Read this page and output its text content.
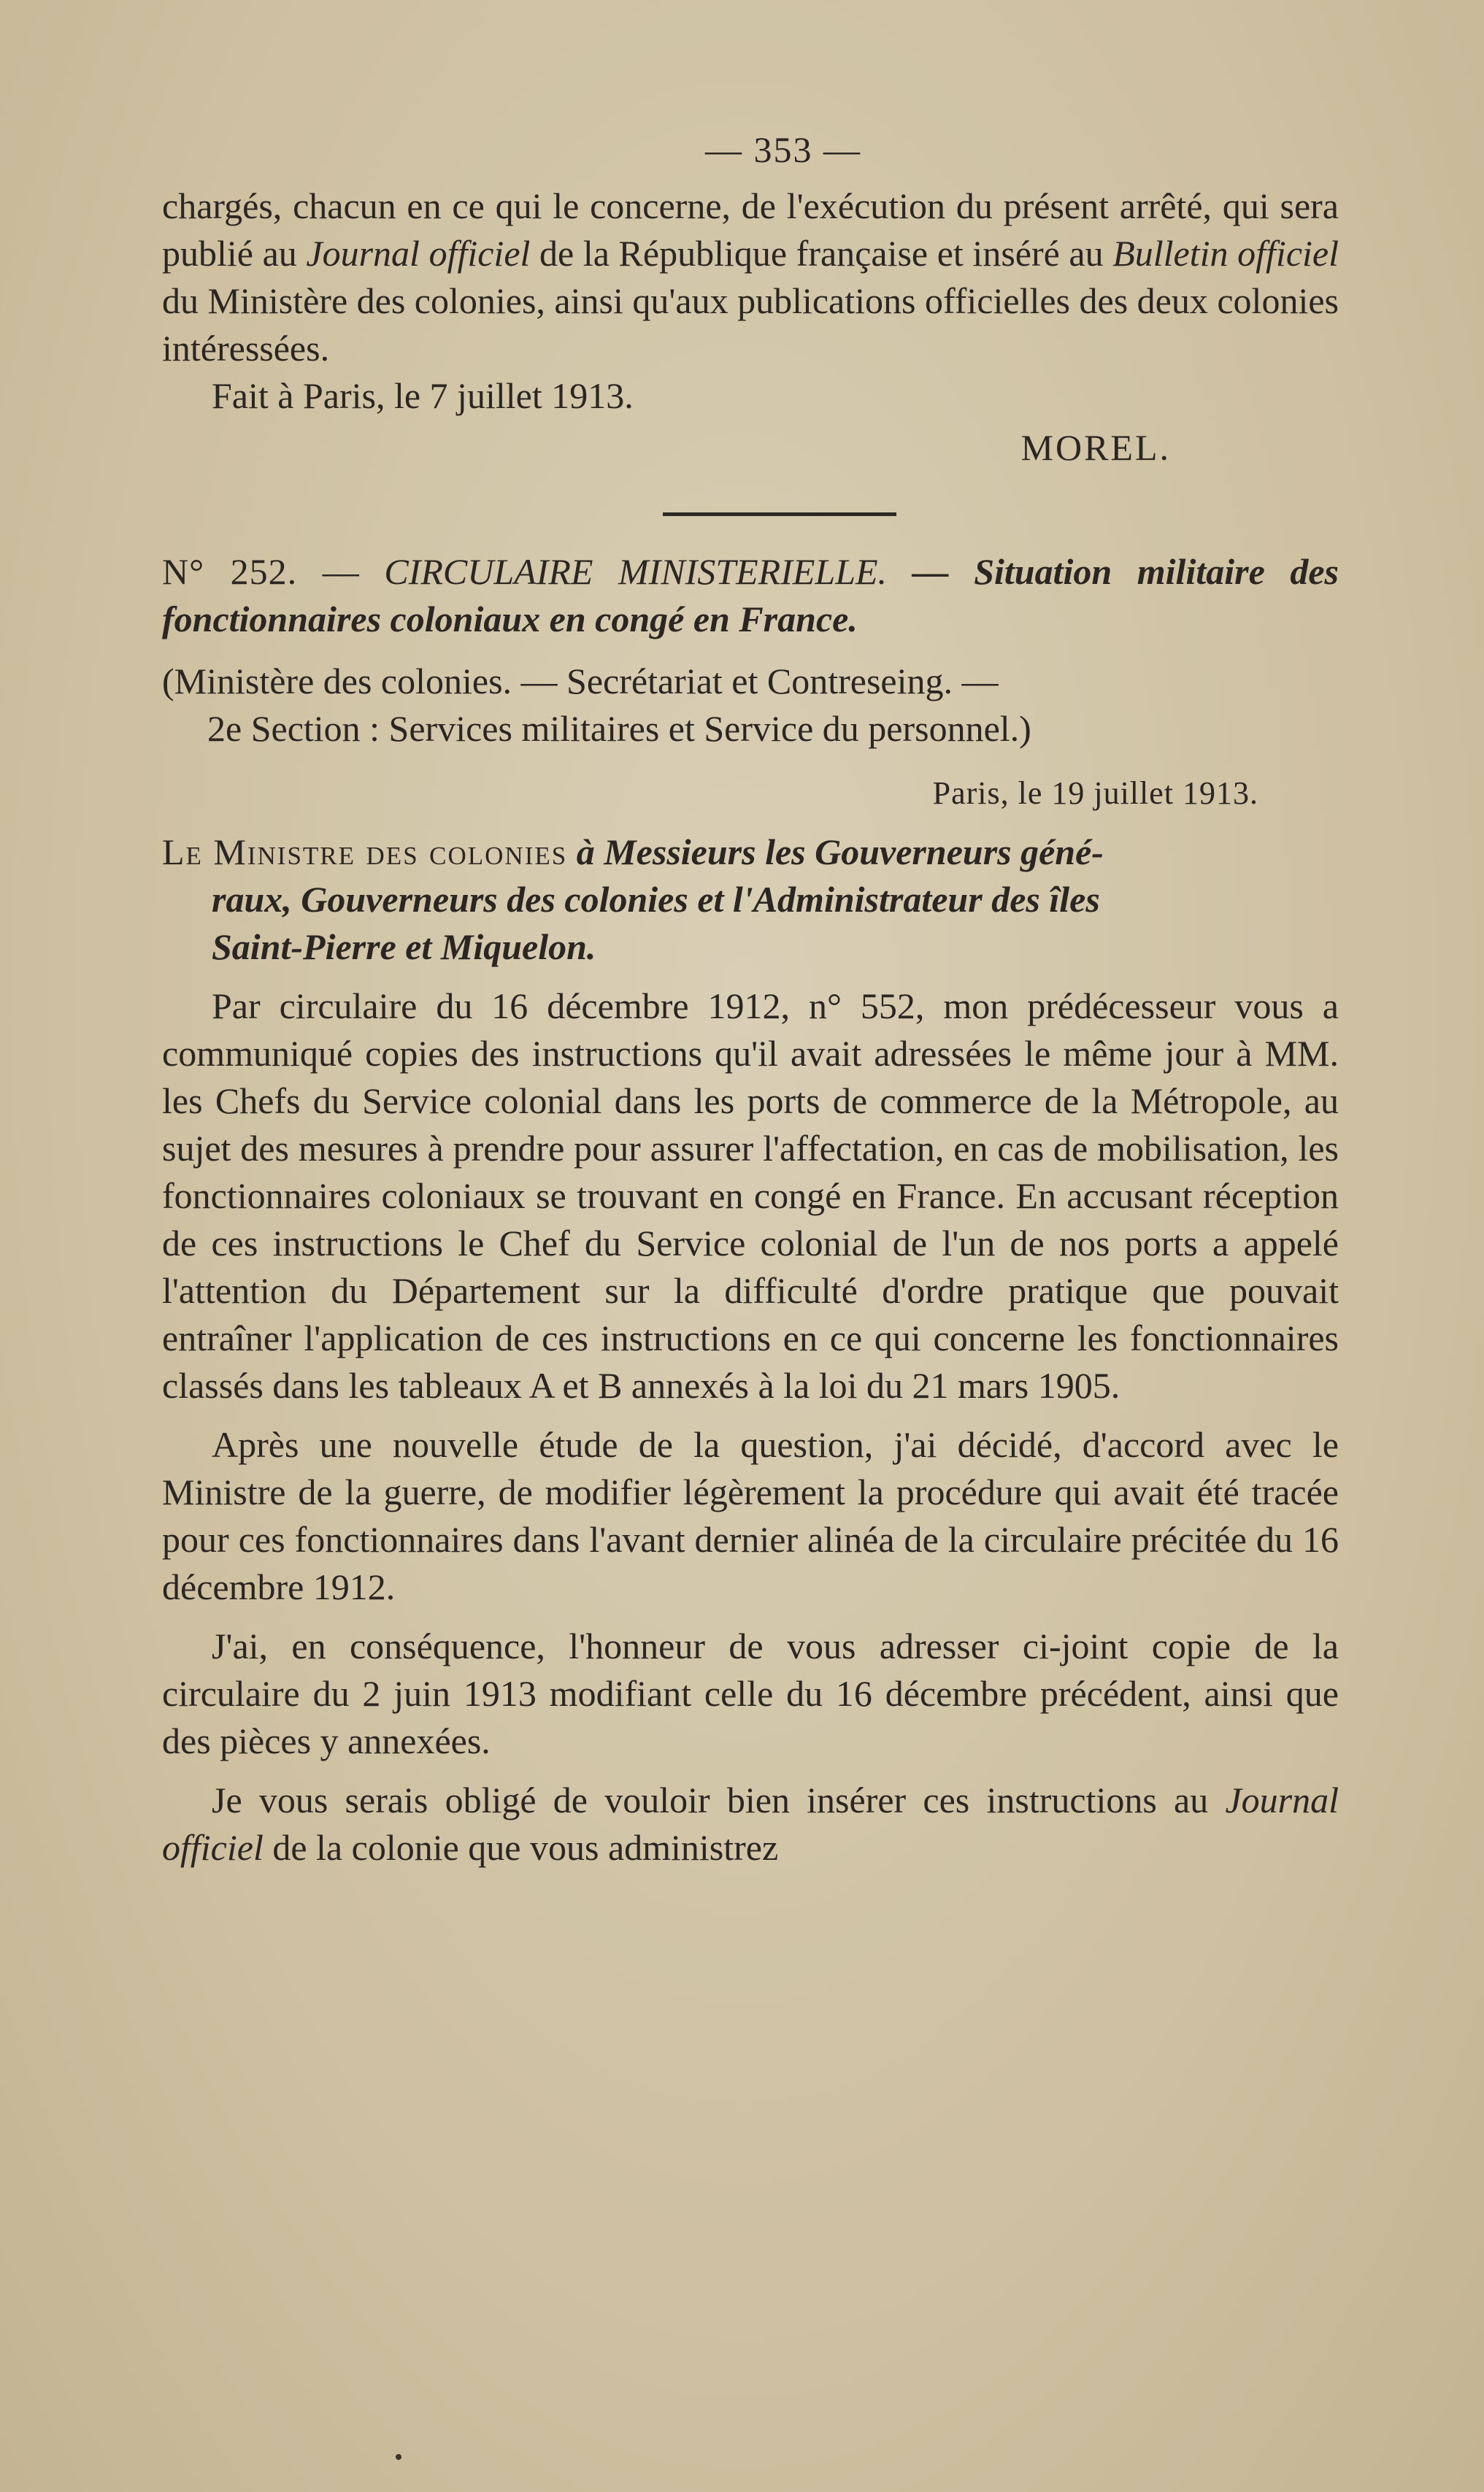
— 353 —

chargés, chacun en ce qui le concerne, de l'exécution du présent arrêté, qui sera publié au Journal officiel de la République française et inséré au Bulletin officiel du Ministère des colonies, ainsi qu'aux publications officielles des deux colonies intéressées.

Fait à Paris, le 7 juillet 1913.

MOREL.

N° 252. — CIRCULAIRE MINISTERIELLE. — Situation militaire des fonctionnaires coloniaux en congé en France.

(Ministère des colonies. — Secrétariat et Contreseing. —
2e Section : Services militaires et Service du personnel.)
Paris, le 19 juillet 1913.
Le Ministre des colonies à Messieurs les Gouverneurs géné-
raux, Gouverneurs des colonies et l'Administrateur des îles
Saint-Pierre et Miquelon.

Par circulaire du 16 décembre 1912, n° 552, mon prédécesseur vous a communiqué copies des instructions qu'il avait adressées le même jour à MM. les Chefs du Service colonial dans les ports de commerce de la Métropole, au sujet des mesures à prendre pour assurer l'affectation, en cas de mobilisation, les fonctionnaires coloniaux se trouvant en congé en France. En accusant réception de ces instructions le Chef du Service colonial de l'un de nos ports a appelé l'attention du Département sur la difficulté d'ordre pratique que pouvait entraîner l'application de ces instructions en ce qui concerne les fonctionnaires classés dans les tableaux A et B annexés à la loi du 21 mars 1905.

Après une nouvelle étude de la question, j'ai décidé, d'accord avec le Ministre de la guerre, de modifier légèrement la procédure qui avait été tracée pour ces fonctionnaires dans l'avant dernier alinéa de la circulaire précitée du 16 décembre 1912.

J'ai, en conséquence, l'honneur de vous adresser ci-joint copie de la circulaire du 2 juin 1913 modifiant celle du 16 décembre précédent, ainsi que des pièces y annexées.

Je vous serais obligé de vouloir bien insérer ces instructions au Journal officiel de la colonie que vous administrez
